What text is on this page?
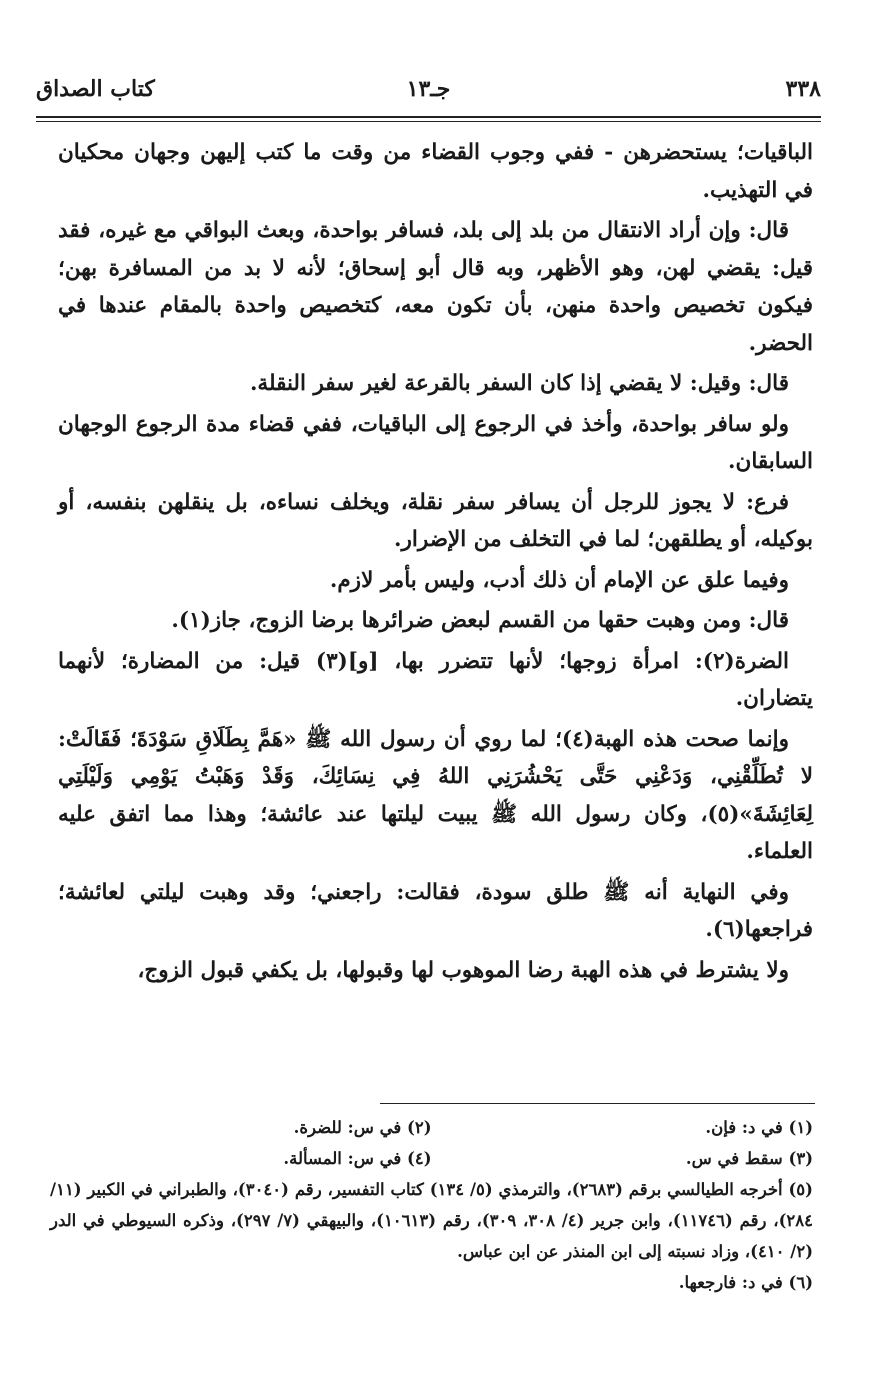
٣٣٨
جـ١٣
كتاب الصداق

الباقيات؛ يستحضرهن - ففي وجوب القضاء من وقت ما كتب إليهن وجهان محكيان في التهذيب.

قال: وإن أراد الانتقال من بلد إلى بلد، فسافر بواحدة، وبعث البواقي مع غيره، فقد قيل: يقضي لهن، وهو الأظهر، وبه قال أبو إسحاق؛ لأنه لا بد من المسافرة بهن؛ فيكون تخصيص واحدة منهن، بأن تكون معه، كتخصيص واحدة بالمقام عندها في الحضر.

قال: وقيل: لا يقضي إذا كان السفر بالقرعة لغير سفر النقلة.

ولو سافر بواحدة، وأخذ في الرجوع إلى الباقيات، ففي قضاء مدة الرجوع الوجهان السابقان.

فرع: لا يجوز للرجل أن يسافر سفر نقلة، ويخلف نساءه، بل ينقلهن بنفسه، أو بوكيله، أو يطلقهن؛ لما في التخلف من الإضرار.

وفيما علق عن الإمام أن ذلك أدب، وليس بأمر لازم.

قال: ومن وهبت حقها من القسم لبعض ضرائرها برضا الزوج، جاز(١).

الضرة(٢): امرأة زوجها؛ لأنها تتضرر بها، [و](٣) قيل: من المضارة؛ لأنهما يتضاران.

وإنما صحت هذه الهبة(٤)؛ لما روي أن رسول الله ﷺ «هَمَّ بِطَلَاقِ سَوْدَةَ؛ فَقَالَتْ: لا تُطَلِّقْنِي، وَدَعْنِي حَتَّى يَحْشُرَنِي اللهُ فِي نِسَائِكَ، وَقَدْ وَهَبْتُ يَوْمِي وَلَيْلَتِي لِعَائِشَةَ»(٥)، وكان رسول الله ﷺ يبيت ليلتها عند عائشة؛ وهذا مما اتفق عليه العلماء.

وفي النهاية أنه ﷺ طلق سودة، فقالت: راجعني؛ وقد وهبت ليلتي لعائشة؛ فراجعها(٦).

ولا يشترط في هذه الهبة رضا الموهوب لها وقبولها، بل يكفي قبول الزوج،

(١) في د: فإن.
(٢) في س: للضرة.
(٣) سقط في س.
(٤) في س: المسألة.
(٥) أخرجه الطيالسي برقم (٢٦٨٣)، والترمذي (٥/ ١٣٤) كتاب التفسير، رقم (٣٠٤٠)، والطبراني في الكبير (١١/ ٢٨٤)، رقم (١١٧٤٦)، وابن جرير (٤/ ٣٠٨، ٣٠٩)، رقم (١٠٦١٣)، والبيهقي (٧/ ٢٩٧)، وذكره السيوطي في الدر (٢/ ٤١٠)، وزاد نسبته إلى ابن المنذر عن ابن عباس.
(٦) في د: فارجعها.
